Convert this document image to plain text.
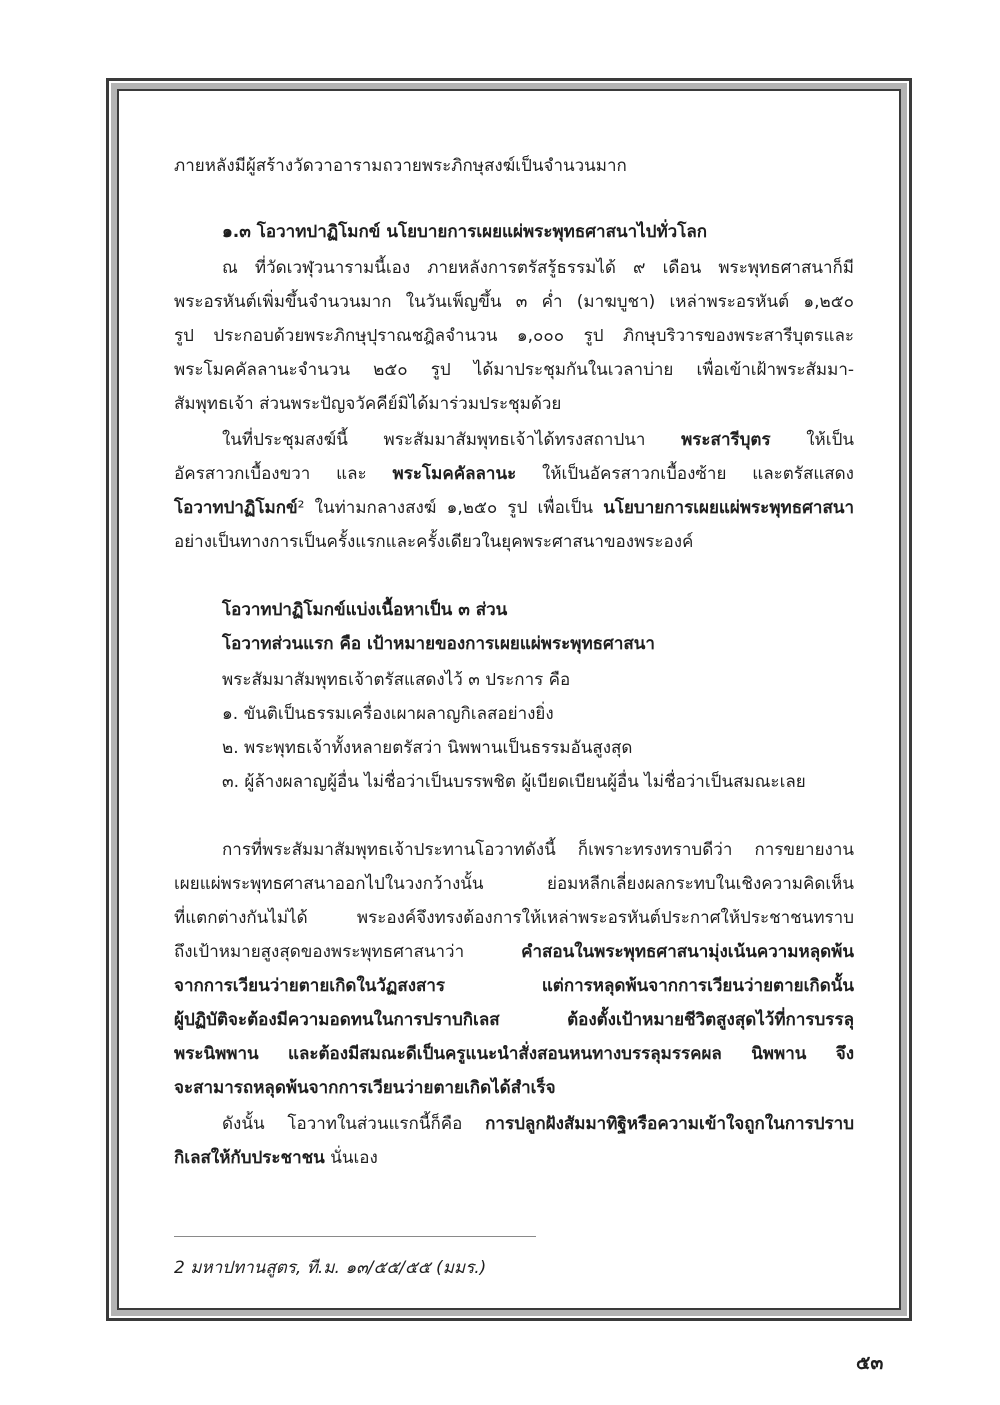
ภายหลังมีผู้สร้างวัดวาอารามถวายพระภิกษุสงฆ์เป็นจำนวนมาก
๑.๓ โอวาทปาฏิโมกข์ นโยบายการเผยแผ่พระพุทธศาสนาไปทั่วโลก
ณ ที่วัดเวฬุวนารามนี้เอง ภายหลังการตรัสรู้ธรรมได้ ๙ เดือน พระพุทธศาสนาก็มี
พระอรหันต์เพิ่มขึ้นจำนวนมาก ในวันเพ็ญขึ้น ๓ ค่ำ (มาฆบูชา) เหล่าพระอรหันต์ ๑,๒๕๐
รูป ประกอบด้วยพระภิกษุปุราณชฎิลจำนวน ๑,๐๐๐ รูป ภิกษุบริวารของพระสารีบุตรและ
พระโมคคัลลานะจำนวน ๒๕๐ รูป ได้มาประชุมกันในเวลาบ่าย เพื่อเข้าเฝ้าพระสัมมา-
สัมพุทธเจ้า ส่วนพระปัญจวัคคีย์มิได้มาร่วมประชุมด้วย
ในที่ประชุมสงฆ์นี้ พระสัมมาสัมพุทธเจ้าได้ทรงสถาปนา พระสารีบุตร ให้เป็น
อัครสาวกเบื้องขวา และ พระโมคคัลลานะ ให้เป็นอัครสาวกเบื้องซ้าย และตรัสแสดง
โอวาทปาฏิโมกข์² ในท่ามกลางสงฆ์ ๑,๒๕๐ รูป เพื่อเป็น นโยบายการเผยแผ่พระพุทธศาสนา
อย่างเป็นทางการเป็นครั้งแรกและครั้งเดียวในยุคพระศาสนาของพระองค์
โอวาทปาฏิโมกข์แบ่งเนื้อหาเป็น ๓ ส่วน
โอวาทส่วนแรก คือ เป้าหมายของการเผยแผ่พระพุทธศาสนา
พระสัมมาสัมพุทธเจ้าตรัสแสดงไว้ ๓ ประการ คือ
๑. ขันติเป็นธรรมเครื่องเผาผลาญกิเลสอย่างยิ่ง
๒. พระพุทธเจ้าทั้งหลายตรัสว่า นิพพานเป็นธรรมอันสูงสุด
๓. ผู้ล้างผลาญผู้อื่น ไม่ชื่อว่าเป็นบรรพชิต ผู้เบียดเบียนผู้อื่น ไม่ชื่อว่าเป็นสมณะเลย
การที่พระสัมมาสัมพุทธเจ้าประทานโอวาทดังนี้ ก็เพราะทรงทราบดีว่า การขยายงาน
เผยแผ่พระพุทธศาสนาออกไปในวงกว้างนั้น ย่อมหลีกเลี่ยงผลกระทบในเชิงความคิดเห็น
ที่แตกต่างกันไม่ได้ พระองค์จึงทรงต้องการให้เหล่าพระอรหันต์ประกาศให้ประชาชนทราบ
ถึงเป้าหมายสูงสุดของพระพุทธศาสนาว่า คำสอนในพระพุทธศาสนามุ่งเน้นความหลุดพ้น
จากการเวียนว่ายตายเกิดในวัฏสงสาร แต่การหลุดพ้นจากการเวียนว่ายตายเกิดนั้น
ผู้ปฏิบัติจะต้องมีความอดทนในการปราบกิเลส ต้องตั้งเป้าหมายชีวิตสูงสุดไว้ที่การบรรลุ
พระนิพพาน และต้องมีสมณะดีเป็นครูแนะนำสั่งสอนหนทางบรรลุมรรคผล นิพพาน จึง
จะสามารถหลุดพ้นจากการเวียนว่ายตายเกิดได้สำเร็จ
ดังนั้น โอวาทในส่วนแรกนี้ก็คือ การปลูกฝังสัมมาทิฐิหรือความเข้าใจถูกในการปราบ
กิเลสให้กับประชาชน นั่นเอง
2 มหาปทานสูตร, ที.ม. ๑๓/๕๕/๕๕ (มมร.)
๕๓
